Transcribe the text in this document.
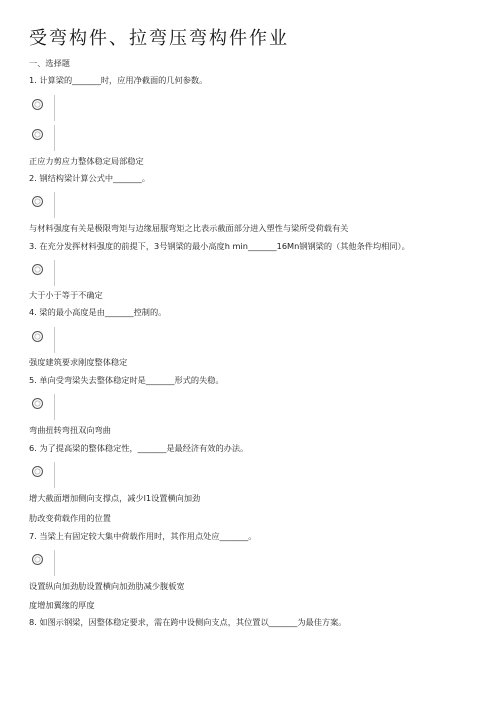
受弯构件、拉弯压弯构件作业
一、选择题
1. 计算梁的_______时，应用净截面的几何参数。
正应力剪应力整体稳定局部稳定
2. 钢结构梁计算公式中_______。
与材料强度有关是极限弯矩与边缘屈服弯矩之比表示截面部分进入塑性与梁所受荷载有关
3. 在充分发挥材料强度的前提下，3号钢梁的最小高度h min_______16Mn钢钢梁的（其他条件均相同）。
大于小于等于不确定
4. 梁的最小高度是由_______控制的。
强度建筑要求刚度整体稳定
5. 单向受弯梁失去整体稳定时是_______形式的失稳。
弯曲扭转弯扭双向弯曲
6. 为了提高梁的整体稳定性，_______是最经济有效的办法。
增大截面增加侧向支撑点，减少l1设置横向加劲
肋改变荷载作用的位置
7. 当梁上有固定较大集中荷载作用时，其作用点处应_______。
设置纵向加劲肋设置横向加劲肋减少腹板宽
度增加翼缘的厚度
8. 如图示钢梁，因整体稳定要求，需在跨中设侧向支点，其位置以_______为最佳方案。
